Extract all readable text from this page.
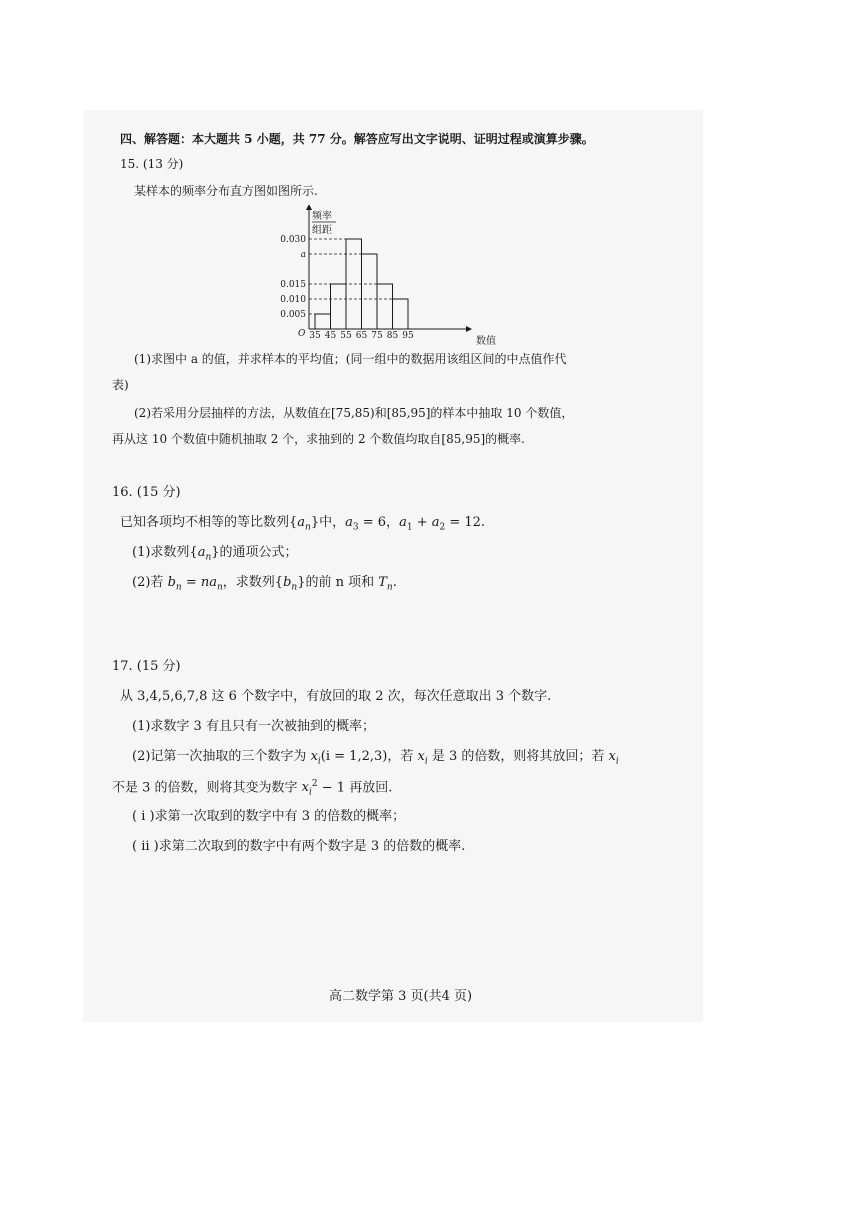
四、解答题：本大题共 5 小题，共 77 分。解答应写出文字说明、证明过程或演算步骤。
15. (13 分)
某样本的频率分布直方图如图所示.
0.005
0.010
0.015
a
0.030
35 45 55 65 75 85 95
频率
组距
O
数值
(1)求图中 a 的值，并求样本的平均值；(同一组中的数据用该组区间的中点值作代
表)
(2)若采用分层抽样的方法，从数值在[75,85)和[85,95]的样本中抽取 10 个数值，
再从这 10 个数值中随机抽取 2 个，求抽到的 2 个数值均取自[85,95]的概率.
16. (15 分)
已知各项均不相等的等比数列$\{a_n\}$中，$a_3 = 6$，$a_1 + a_2 = 12$.
(1)求数列$\{a_n\}$的通项公式；
(2)若 $b_n = na_n$，求数列$\{b_n\}$的前 n 项和 $T_n$.
17. (15 分)
从 3,4,5,6,7,8 这 6 个数字中，有放回的取 2 次，每次任意取出 3 个数字.
(1)求数字 3 有且只有一次被抽到的概率；
(2)记第一次抽取的三个数字为 $x_i(i = 1,2,3)$，若 $x_i$ 是 3 的倍数，则将其放回；若 $x_i$
不是 3 的倍数，则将其变为数字 $x_i^2 - 1$ 再放回.
( ⅰ )求第一次取到的数字中有 3 的倍数的概率；
( ⅱ )求第二次取到的数字中有两个数字是 3 的倍数的概率.
高二数学第 3 页(共4 页)
